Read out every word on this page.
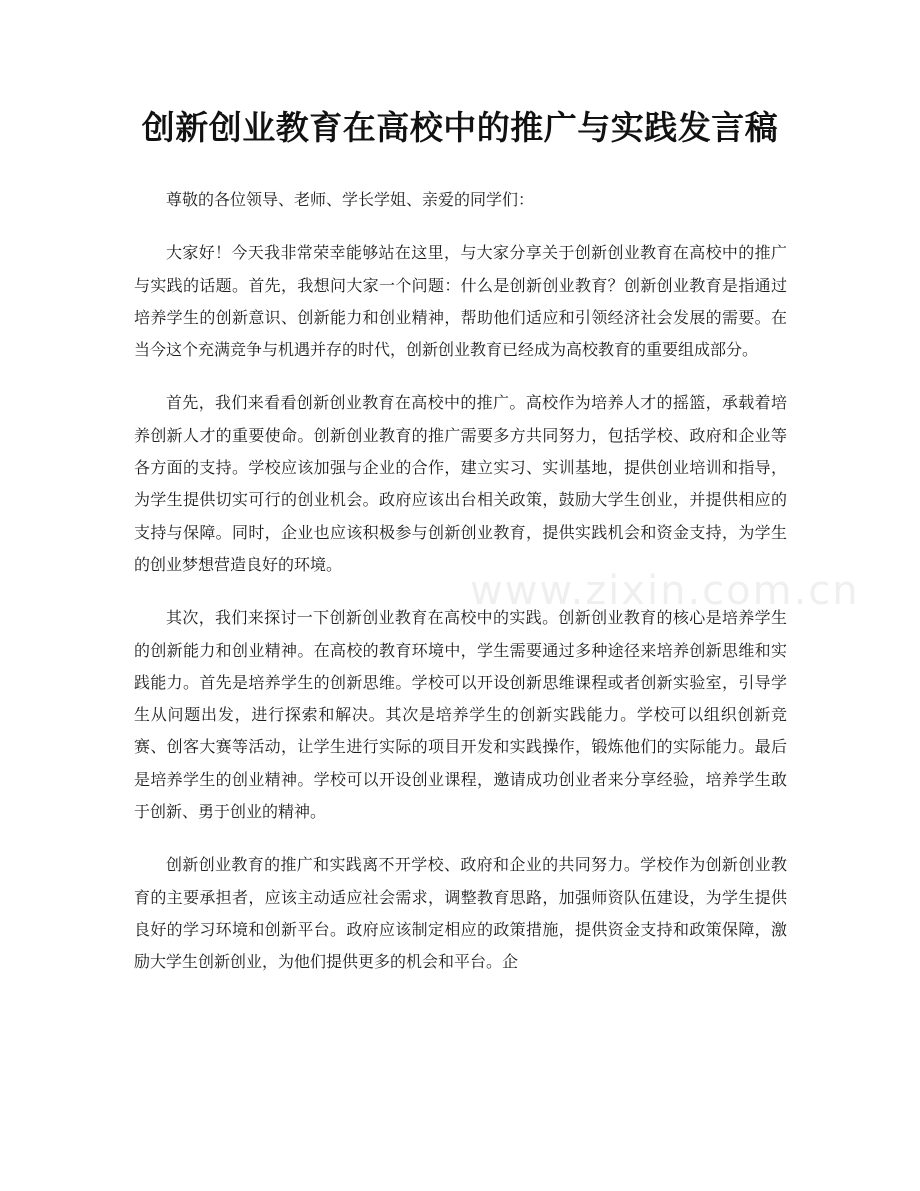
创新创业教育在高校中的推广与实践发言稿

尊敬的各位领导、老师、学长学姐、亲爱的同学们：

大家好！今天我非常荣幸能够站在这里，与大家分享关于创新创业教育在高校中的推广与实践的话题。首先，我想问大家一个问题：什么是创新创业教育？创新创业教育是指通过培养学生的创新意识、创新能力和创业精神，帮助他们适应和引领经济社会发展的需要。在当今这个充满竞争与机遇并存的时代，创新创业教育已经成为高校教育的重要组成部分。

首先，我们来看看创新创业教育在高校中的推广。高校作为培养人才的摇篮，承载着培养创新人才的重要使命。创新创业教育的推广需要多方共同努力，包括学校、政府和企业等各方面的支持。学校应该加强与企业的合作，建立实习、实训基地，提供创业培训和指导，为学生提供切实可行的创业机会。政府应该出台相关政策，鼓励大学生创业，并提供相应的支持与保障。同时，企业也应该积极参与创新创业教育，提供实践机会和资金支持，为学生的创业梦想营造良好的环境。

其次，我们来探讨一下创新创业教育在高校中的实践。创新创业教育的核心是培养学生的创新能力和创业精神。在高校的教育环境中，学生需要通过多种途径来培养创新思维和实践能力。首先是培养学生的创新思维。学校可以开设创新思维课程或者创新实验室，引导学生从问题出发，进行探索和解决。其次是培养学生的创新实践能力。学校可以组织创新竞赛、创客大赛等活动，让学生进行实际的项目开发和实践操作，锻炼他们的实际能力。最后是培养学生的创业精神。学校可以开设创业课程，邀请成功创业者来分享经验，培养学生敢于创新、勇于创业的精神。

创新创业教育的推广和实践离不开学校、政府和企业的共同努力。学校作为创新创业教育的主要承担者，应该主动适应社会需求，调整教育思路，加强师资队伍建设，为学生提供良好的学习环境和创新平台。政府应该制定相应的政策措施，提供资金支持和政策保障，激励大学生创新创业，为他们提供更多的机会和平台。企

www.zixin.com.cn
